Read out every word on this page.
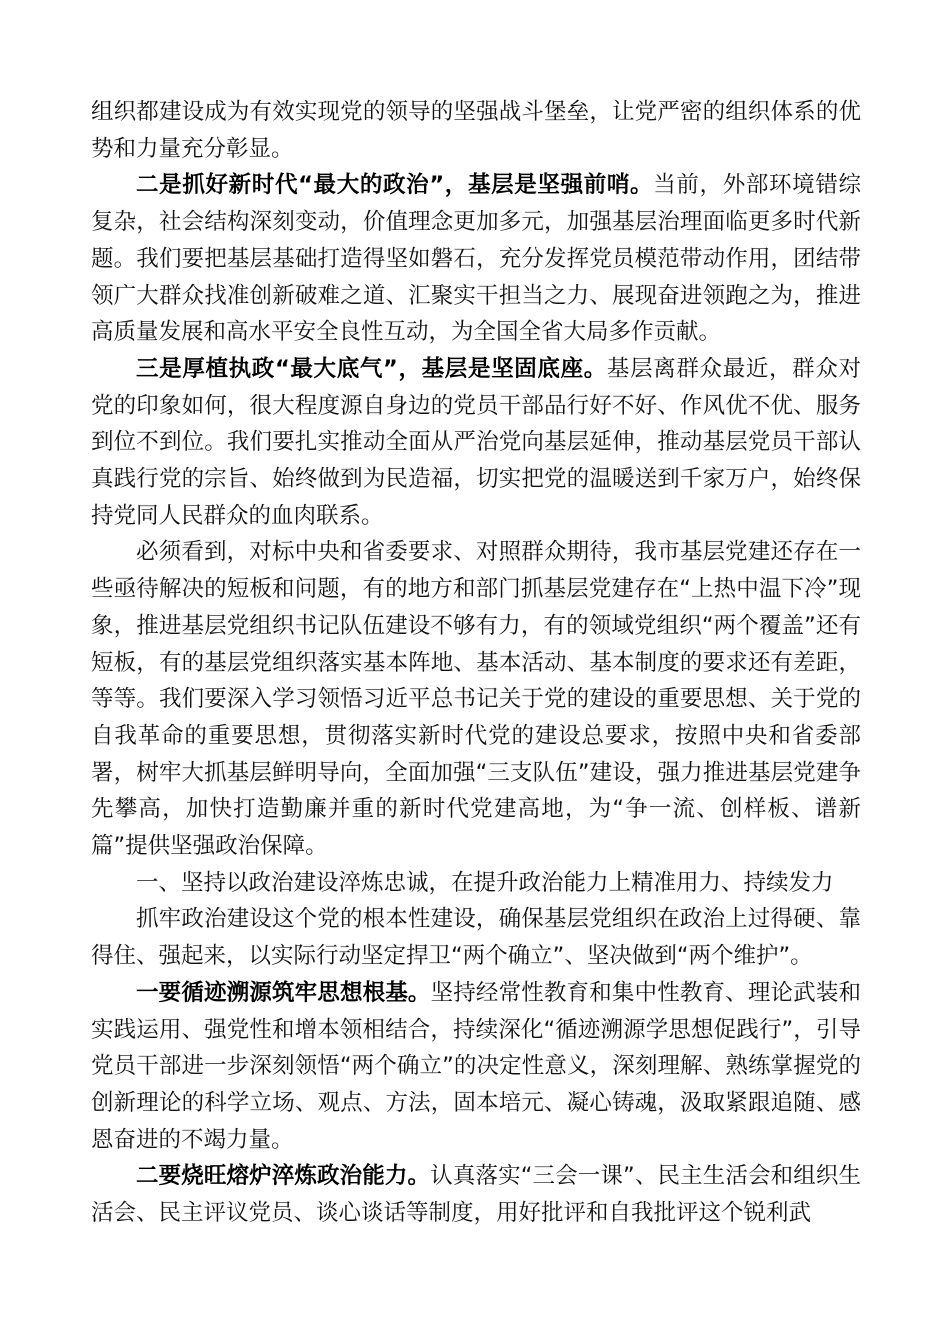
组织都建设成为有效实现党的领导的坚强战斗堡垒，让党严密的组织体系的优势和力量充分彰显。

二是抓好新时代“最大的政治”，基层是坚强前哨。当前，外部环境错综复杂，社会结构深刻变动，价值理念更加多元，加强基层治理面临更多时代新题。我们要把基层基础打造得坚如磐石，充分发挥党员模范带动作用，团结带领广大群众找准创新破难之道、汇聚实干担当之力、展现奋进领跑之为，推进高质量发展和高水平安全良性互动，为全国全省大局多作贡献。

三是厚植执政“最大底气”，基层是坚固底座。基层离群众最近，群众对党的印象如何，很大程度源自身边的党员干部品行好不好、作风优不优、服务到位不到位。我们要扎实推动全面从严治党向基层延伸，推动基层党员干部认真践行党的宗旨、始终做到为民造福，切实把党的温暖送到千家万户，始终保持党同人民群众的血肉联系。

必须看到，对标中央和省委要求、对照群众期待，我市基层党建还存在一些亟待解决的短板和问题，有的地方和部门抓基层党建存在“上热中温下冷”现象，推进基层党组织书记队伍建设不够有力，有的领域党组织“两个覆盖”还有短板，有的基层党组织落实基本阵地、基本活动、基本制度的要求还有差距，等等。我们要深入学习领悟习近平总书记关于党的建设的重要思想、关于党的自我革命的重要思想，贯彻落实新时代党的建设总要求，按照中央和省委部署，树牢大抓基层鲜明导向，全面加强“三支队伍”建设，强力推进基层党建争先攀高，加快打造勤廉并重的新时代党建高地，为“争一流、创样板、谱新篇”提供坚强政治保障。

一、坚持以政治建设淬炼忠诚，在提升政治能力上精准用力、持续发力

抓牢政治建设这个党的根本性建设，确保基层党组织在政治上过得硬、靠得住、强起来，以实际行动坚定捍卫“两个确立”、坚决做到“两个维护”。

一要循迹溯源筑牢思想根基。坚持经常性教育和集中性教育、理论武装和实践运用、强党性和增本领相结合，持续深化“循迹溯源学思想促践行”，引导党员干部进一步深刻领悟“两个确立”的决定性意义，深刻理解、熟练掌握党的创新理论的科学立场、观点、方法，固本培元、凝心铸魂，汲取紧跟追随、感恩奋进的不竭力量。

二要烧旺熔炉淬炼政治能力。认真落实“三会一课”、民主生活会和组织生活会、民主评议党员、谈心谈话等制度，用好批评和自我批评这个锐利武
